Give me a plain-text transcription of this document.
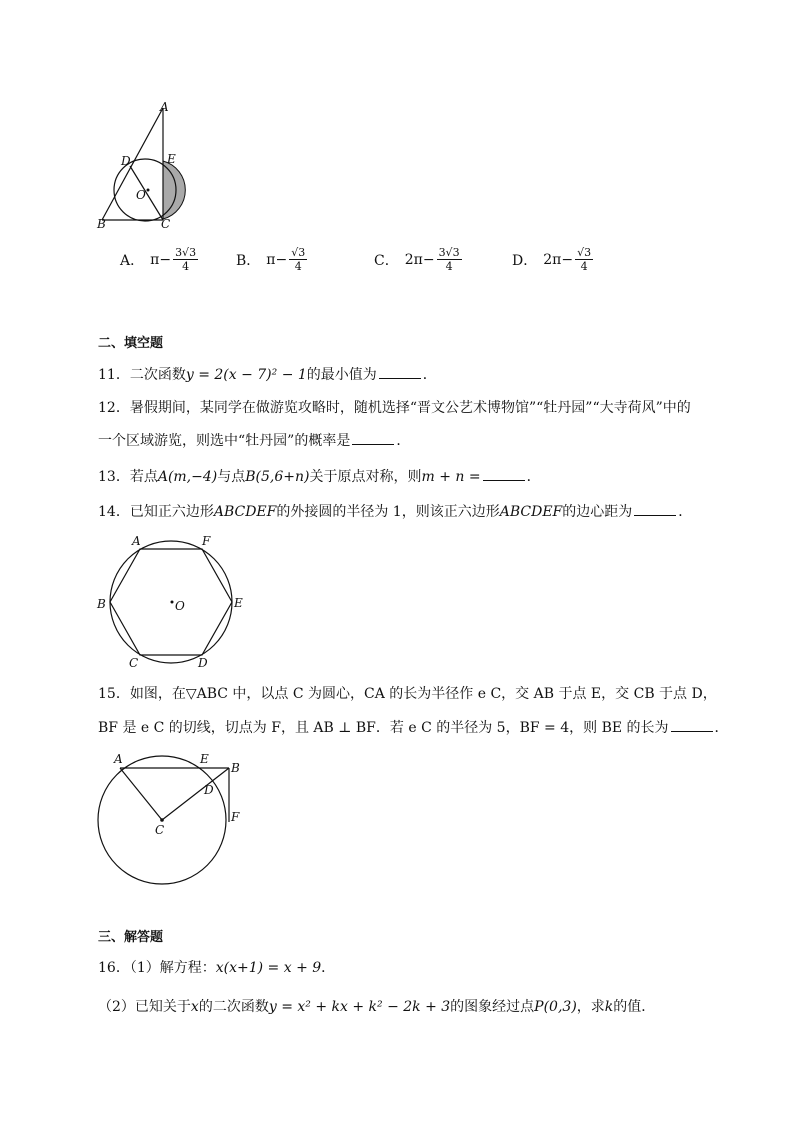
A
D	E
O
B	C
A． $\pi- \frac{3√3}{4}$	B． $\pi- \frac{√3}{4}$	C． $2\pi- \frac{3√3}{4}$	D． $2\pi- \frac{√3}{4}$
二、填空题
11．二次函数y = 2(x − 7)² − 1的最小值为	．
12．暑假期间，某同学在做游览攻略时，随机选择“晋文公艺术博物馆”“牡丹园”“大寺荷风”中的
一个区域游览，则选中“牡丹园”的概率是	．
13．若点A(m,−4)与点B(5,6+n)关于原点对称，则m + n =	．
14．已知正六边形ABCDEF的外接圆的半径为 1，则该正六边形ABCDEF的边心距为	．
A	F
B	E
C	D
O
15．如图，在▽ABC 中，以点 C 为圆心，CA 的长为半径作 e C，交 AB 于点 E，交 CB 于点 D，
BF 是 e C 的切线，切点为 F，且 AB ⊥ BF．若 e C 的半径为 5，BF = 4，则 BE 的长为	．
A	E
B
D
C
F
三、解答题
16．（1）解方程：x(x+1) = x + 9．
（2）已知关于x的二次函数y = x² + kx + k² − 2k + 3的图象经过点P(0,3)，求k的值．
